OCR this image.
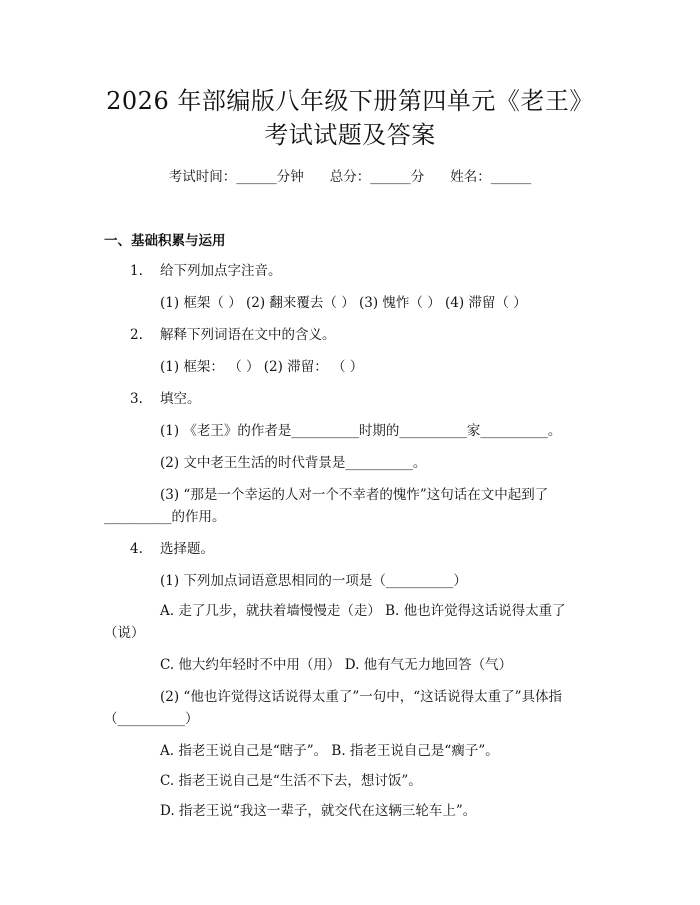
2026 年部编版八年级下册第四单元《老王》
考试试题及答案
考试时间：______分钟 总分：______分 姓名：______
一、基础积累与运用
1. 给下列加点字注音。
(1) 框架（ ） (2) 翻来覆去（ ） (3) 愧怍（ ） (4) 滞留（ ）
2. 解释下列词语在文中的含义。
(1) 框架： （ ） (2) 滞留： （ ）
3. 填空。
(1) 《老王》的作者是__________时期的__________家__________。
(2) 文中老王生活的时代背景是__________。
(3) “那是一个幸运的人对一个不幸者的愧怍”这句话在文中起到了
__________的作用。
4. 选择题。
(1) 下列加点词语意思相同的一项是（__________）
A. 走了几步，就扶着墙慢慢走（走） B. 他也许觉得这话说得太重了
（说）
C. 他大约年轻时不中用（用） D. 他有气无力地回答（气）
(2) “他也许觉得这话说得太重了”一句中，“这话说得太重了”具体指
（__________）
A. 指老王说自己是“瞎子”。 B. 指老王说自己是“瘸子”。
C. 指老王说自己是“生活不下去，想讨饭”。
D. 指老王说“我这一辈子，就交代在这辆三轮车上”。
